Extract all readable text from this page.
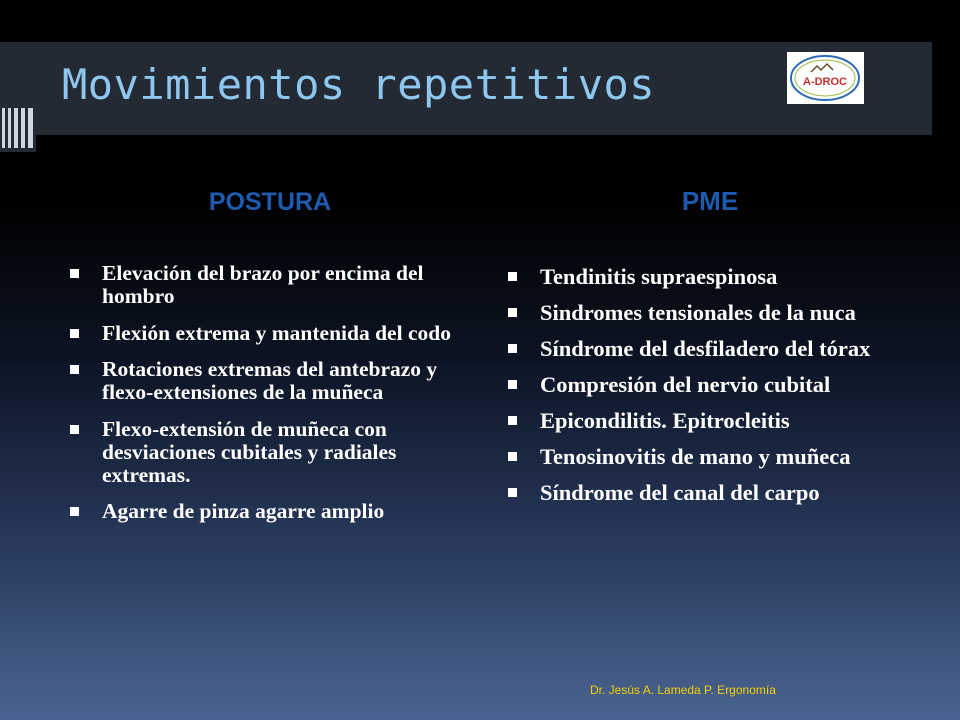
Movimientos repetitivos	A-DROC
POSTURA	PME
Elevación del brazo por encima del hombro
Flexión extrema y mantenida del codo
Rotaciones extremas del antebrazo y flexo-extensiones de la muñeca
Flexo-extensión de muñeca con desviaciones cubitales y radiales extremas.
Agarre de pinza agarre amplio
Tendinitis supraespinosa
Sindromes tensionales de la nuca
Síndrome del desfiladero del tórax
Compresión del nervio cubital
Epicondilitis. Epitrocleitis
Tenosinovitis de mano y muñeca
Síndrome del canal del carpo

Dr. Jesús A. Lameda P. Ergonomía
